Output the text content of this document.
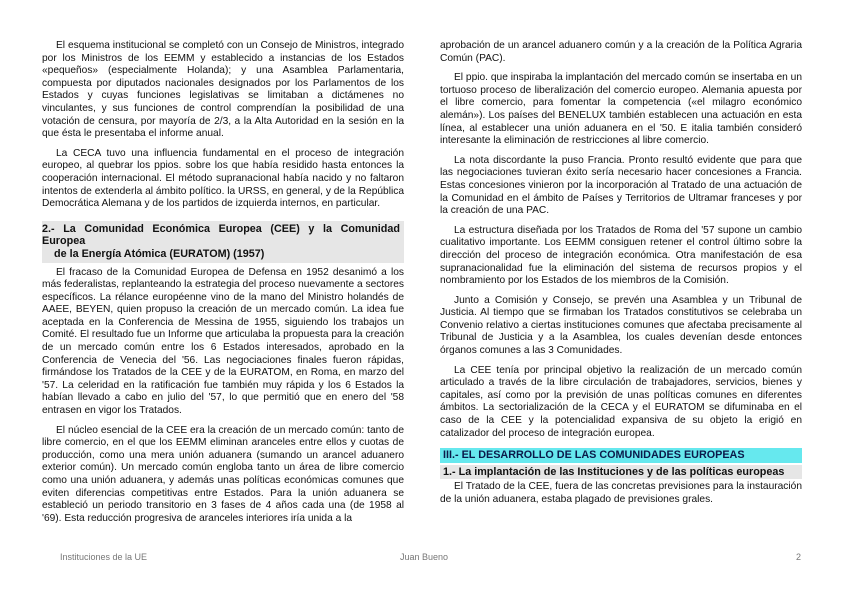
El esquema institucional se completó con un Consejo de Ministros, integrado por los Ministros de los EEMM y establecido a instancias de los Estados «pequeños» (especialmente Holanda); y una Asamblea Parlamentaria, compuesta por diputados nacionales designados por los Parlamentos de los Estados y cuyas funciones legislativas se limitaban a dictámenes no vinculantes, y sus funciones de control comprendían la posibilidad de una votación de censura, por mayoría de 2/3, a la Alta Autoridad en la sesión en la que ésta le presentaba el informe anual.

La CECA tuvo una influencia fundamental en el proceso de integración europeo, al quebrar los ppios. sobre los que había residido hasta entonces la cooperación internacional. El método supranacional había nacido y no faltaron intentos de extenderla al ámbito político. la URSS, en general, y de la República Democrática Alemana y de los partidos de izquierda internos, en particular.

2.- La Comunidad Económica Europea (CEE) y la Comunidad Europea
de la Energía Atómica (EURATOM) (1957)

El fracaso de la Comunidad Europea de Defensa en 1952 desanimó a los más federalistas, replanteando la estrategia del proceso nuevamente a sectores específicos. La rélance européenne vino de la mano del Ministro holandés de AAEE, BEYEN, quien propuso la creación de un mercado común. La idea fue aceptada en la Conferencia de Messina de 1955, siguiendo los trabajos un Comité. El resultado fue un Informe que articulaba la propuesta para la creación de un mercado común entre los 6 Estados interesados, aprobado en la Conferencia de Venecia del '56. Las negociaciones finales fueron rápidas, firmándose los Tratados de la CEE y de la EURATOM, en Roma, en marzo del '57. La celeridad en la ratificación fue también muy rápida y los 6 Estados la habían llevado a cabo en julio del '57, lo que permitió que en enero del '58 entrasen en vigor los Tratados.

El núcleo esencial de la CEE era la creación de un mercado común: tanto de libre comercio, en el que los EEMM eliminan aranceles entre ellos y cuotas de producción, como una mera unión aduanera (sumando un arancel aduanero exterior común). Un mercado común engloba tanto un área de libre comercio como una unión aduanera, y además unas políticas económicas comunes que eviten diferencias competitivas entre Estados. Para la unión aduanera se estableció un periodo transitorio en 3 fases de 4 años cada una (de 1958 al '69). Esta reducción progresiva de aranceles interiores iría unida a la

aprobación de un arancel aduanero común y a la creación de la Política Agraria Común (PAC).

El ppio. que inspiraba la implantación del mercado común se insertaba en un tortuoso proceso de liberalización del comercio europeo. Alemania apuesta por el libre comercio, para fomentar la competencia («el milagro económico alemán»). Los países del BENELUX también establecen una actuación en esta línea, al establecer una unión aduanera en el '50. E italia también consideró interesante la eliminación de restricciones al libre comercio.

La nota discordante la puso Francia. Pronto resultó evidente que para que las negociaciones tuvieran éxito sería necesario hacer concesiones a Francia. Estas concesiones vinieron por la incorporación al Tratado de una actuación de la Comunidad en el ámbito de Países y Territorios de Ultramar franceses y por la creación de una PAC.

La estructura diseñada por los Tratados de Roma del '57 supone un cambio cualitativo importante. Los EEMM consiguen retener el control último sobre la dirección del proceso de integración económica. Otra manifestación de esa supranacionalidad fue la eliminación del sistema de recursos propios y el nombramiento por los Estados de los miembros de la Comisión.

Junto a Comisión y Consejo, se prevén una Asamblea y un Tribunal de Justicia. Al tiempo que se firmaban los Tratados constitutivos se celebraba un Convenio relativo a ciertas instituciones comunes que afectaba precisamente al Tribunal de Justicia y a la Asamblea, los cuales devenían desde entonces órganos comunes a las 3 Comunidades.

La CEE tenía por principal objetivo la realización de un mercado común articulado a través de la libre circulación de trabajadores, servicios, bienes y capitales, así como por la previsión de unas políticas comunes en diferentes ámbitos. La sectorialización de la CECA y el EURATOM se difuminaba en el caso de la CEE y la potencialidad expansiva de su objeto la erigió en catalizador del proceso de integración europea.

III.- EL DESARROLLO DE LAS COMUNIDADES EUROPEAS
1.- La implantación de las Instituciones y de las políticas europeas

El Tratado de la CEE, fuera de las concretas previsiones para la instauración de la unión aduanera, estaba plagado de previsiones grales.

Instituciones de la UE	Juan Bueno	2
